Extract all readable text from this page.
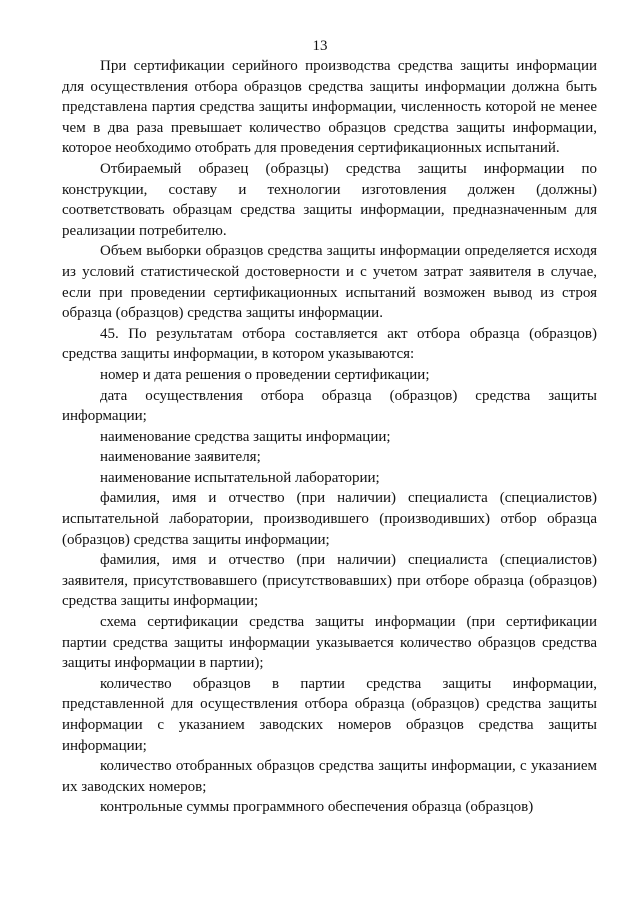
13

При сертификации серийного производства средства защиты информации для осуществления отбора образцов средства защиты информации должна быть представлена партия средства защиты информации, численность которой не менее чем в два раза превышает количество образцов средства защиты информации, которое необходимо отобрать для проведения сертификационных испытаний.

Отбираемый образец (образцы) средства защиты информации по конструкции, составу и технологии изготовления должен (должны) соответствовать образцам средства защиты информации, предназначенным для реализации потребителю.

Объем выборки образцов средства защиты информации определяется исходя из условий статистической достоверности и с учетом затрат заявителя в случае, если при проведении сертификационных испытаний возможен вывод из строя образца (образцов) средства защиты информации.

45. По результатам отбора составляется акт отбора образца (образцов) средства защиты информации, в котором указываются:

номер и дата решения о проведении сертификации;

дата осуществления отбора образца (образцов) средства защиты информации;

наименование средства защиты информации;

наименование заявителя;

наименование испытательной лаборатории;

фамилия, имя и отчество (при наличии) специалиста (специалистов) испытательной лаборатории, производившего (производивших) отбор образца (образцов) средства защиты информации;

фамилия, имя и отчество (при наличии) специалиста (специалистов) заявителя, присутствовавшего (присутствовавших) при отборе образца (образцов) средства защиты информации;

схема сертификации средства защиты информации (при сертификации партии средства защиты информации указывается количество образцов средства защиты информации в партии);

количество образцов в партии средства защиты информации, представленной для осуществления отбора образца (образцов) средства защиты информации с указанием заводских номеров образцов средства защиты информации;

количество отобранных образцов средства защиты информации, с указанием их заводских номеров;

контрольные суммы программного обеспечения образца (образцов)
